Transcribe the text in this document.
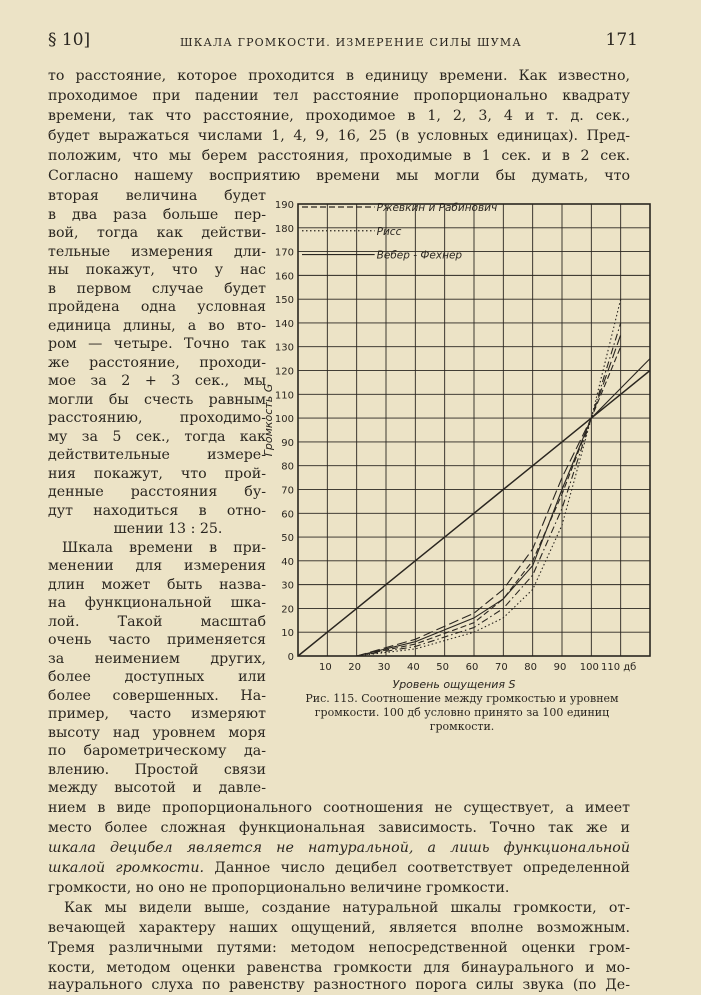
§ 10]	ШКАЛА ГРОМКОСТИ. ИЗМЕРЕНИЕ СИЛЫ ШУМА	171
то расстояние, которое проходится в единицу времени. Как известно,
проходимое при падении тел расстояние пропорционально квадрату
времени, так что расстояние, проходимое в 1, 2, 3, 4 и т. д. сек.,
будет выражаться числами 1, 4, 9, 16, 25 (в условных единицах). Пред-
положим, что мы берем расстояния, проходимые в 1 сек. и в 2 сек.
Согласно нашему восприятию времени мы могли бы думать, что
вторая величина будет
в два раза больше пер-
вой, тогда как действи-
тельные измерения дли-
ны покажут, что у нас
в первом случае будет
пройдена одна условная
единица длины, а во вто-
ром — четыре. Точно так
же расстояние, проходи-
мое за 2 + 3 сек., мы
могли бы счесть равным
расстоянию, проходимо-
му за 5 сек., тогда как
действительные измере-
ния покажут, что прой-
денные расстояния бу-
дут находиться в отно-
шении 13 : 25.
Шкала времени в при-
менении для измерения
длин может быть назва-
на функциональной шка-
лой. Такой масштаб
очень часто применяется
за неимением других,
более доступных или
более совершенных. На-
пример, часто измеряют
высоту над уровнем моря
по барометрическому да-
влению. Простой связи
между высотой и давле-
нием в виде пропорционального соотношения не существует, а имеет
место более сложная функциональная зависимость. Точно так же и
шкала децибел является не натуральной, а лишь функциональной
шкалой громкости. Данное число децибел соответствует определенной
громкости, но оно не пропорционально величине громкости.
Как мы видели выше, создание натуральной шкалы громкости, от-
вечающей характеру наших ощущений, является вполне возможным.
Тремя различными путями: методом непосредственной оценки гром-
кости, методом оценки равенства громкости для бинаурального и мо-
наурального слуха по равенству разностного порога силы звука (по Де-
0
10
20
30
40
50
60
70
80
90
100
110
120
130
140
150
160
170
180
190
10 20 30 40 50 60 70 80 90 100 110 дб
Уровень ощущения S
Громкость G
Вебер - Фехнер
Рисс
Ржевкин и Рабинович
Рис. 115. Соотношение между громкостью и уровнем громкости. 100 дб условно принято за 100 единиц громкости.
